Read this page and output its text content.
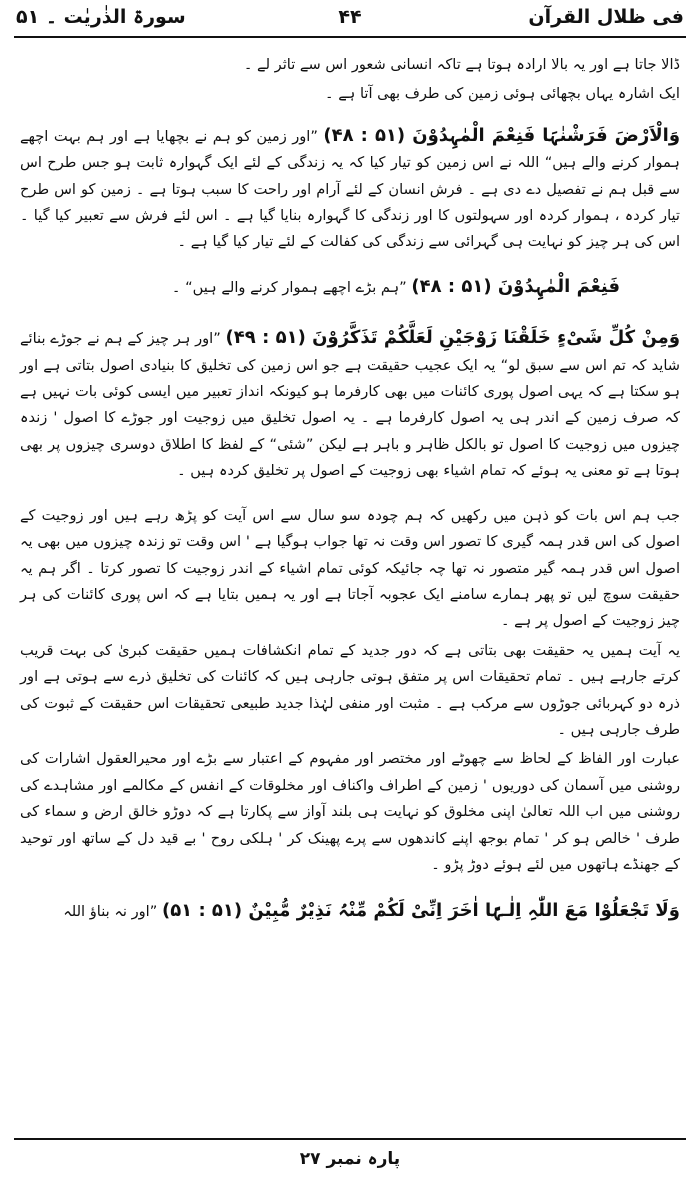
فی ظلال القرآن
۴۴
سورۃ الذٰریٰت ۔ ۵۱

ڈالا جاتا ہے اور یہ بالا ارادہ ہوتا ہے تاکہ انسانی شعور اس سے تاثر لے ۔

ایک اشارہ یہاں بچھائی ہوئی زمین کی طرف بھی آتا ہے ۔

وَالْاَرْضَ فَرَشْنٰہَا فَنِعْمَ الْمٰہِدُوْنَ (۵۱ : ۴۸) ”اور زمین کو ہم نے بچھایا ہے اور ہم بہت اچھے ہموار کرنے والے ہیں“ اللہ نے اس زمین کو تیار کیا کہ یہ زندگی کے لئے ایک گہوارہ ثابت ہو جس طرح اس سے قبل ہم نے تفصیل دے دی ہے ۔ فرش انسان کے لئے آرام اور راحت کا سبب ہوتا ہے ۔ زمین کو اس طرح تیار کردہ ، ہموار کردہ اور سہولتوں کا اور زندگی کا گہوارہ بنایا گیا ہے ۔ اس لئے فرش سے تعبیر کیا گیا ۔ اس کی ہر چیز کو نہایت ہی گہرائی سے زندگی کی کفالت کے لئے تیار کیا گیا ہے ۔
فَنِعْمَ الْمٰہِدُوْنَ (۵۱ : ۴۸) ”ہم بڑے اچھے ہموار کرنے والے ہیں“ ۔
وَمِنْ کُلِّ شَیْءٍ خَلَقْنَا زَوْجَیْنِ لَعَلَّکُمْ تَذَکَّرُوْنَ (۵۱ : ۴۹) ”اور ہر چیز کے ہم نے جوڑے بنائے شاید کہ تم اس سے سبق لو“ یہ ایک عجیب حقیقت ہے جو اس زمین کی تخلیق کا بنیادی اصول بتاتی ہے اور ہو سکتا ہے کہ یہی اصول پوری کائنات میں بھی کارفرما ہو کیونکہ انداز تعبیر میں ایسی کوئی بات نہیں ہے کہ صرف زمین کے اندر ہی یہ اصول کارفرما ہے ۔ یہ اصول تخلیق میں زوجیت اور جوڑے کا اصول ' زندہ چیزوں میں زوجیت کا اصول تو بالکل ظاہر و باہر ہے لیکن ”شئی“ کے لفظ کا اطلاق دوسری چیزوں پر بھی ہوتا ہے تو معنی یہ ہوئے کہ تمام اشیاء بھی زوجیت کے اصول پر تخلیق کردہ ہیں ۔

جب ہم اس بات کو ذہن میں رکھیں کہ ہم چودہ سو سال سے اس آیت کو پڑھ رہے ہیں اور زوجیت کے اصول کی اس قدر ہمہ گیری کا تصور اس وقت نہ تھا جواب ہوگیا ہے ' اس وقت تو زندہ چیزوں میں بھی یہ اصول اس قدر ہمہ گیر متصور نہ تھا چہ جائیکہ کوئی تمام اشیاء کے اندر زوجیت کا تصور کرتا ۔ اگر ہم یہ حقیقت سوچ لیں تو پھر ہمارے سامنے ایک عجوبہ آجاتا ہے اور یہ ہمیں بتایا ہے کہ اس پوری کائنات کی ہر چیز زوجیت کے اصول پر ہے ۔

یہ آیت ہمیں یہ حقیقت بھی بتاتی ہے کہ دور جدید کے تمام انکشافات ہمیں حقیقت کبریٰ کی بہت قریب کرتے جارہے ہیں ۔ تمام تحقیقات اس پر متفق ہوتی جارہی ہیں کہ کائنات کی تخلیق ذرے سے ہوتی ہے اور ذرہ دو کہربائی جوڑوں سے مرکب ہے ۔ مثبت اور منفی لہٰذا جدید طبیعی تحقیقات اس حقیقت کے ثبوت کی طرف جارہی ہیں ۔

عبارت اور الفاظ کے لحاظ سے چھوٹے اور مختصر اور مفہوم کے اعتبار سے بڑے اور محیرالعقول اشارات کی روشنی میں آسمان کی دوریوں ' زمین کے اطراف واکناف اور مخلوقات کے انفس کے مکالمے اور مشاہدے کی روشنی میں اب اللہ تعالیٰ اپنی مخلوق کو نہایت ہی بلند آواز سے پکارتا ہے کہ دوڑو خالق ارض و سماء کی طرف ' خالص ہو کر ' تمام بوجھ اپنے کاندھوں سے پرے پھینک کر ' ہلکی روح ' بے قید دل کے ساتھ اور توحید کے جھنڈے ہاتھوں میں لئے ہوئے دوڑ پڑو ۔

وَلَا تَجْعَلُوْا مَعَ اللّٰہِ اِلٰـہًا اٰخَرَ اِنِّیْ لَکُمْ مِّنْہُ نَذِیْرٌ مُّبِیْنٌ (۵۱ : ۵۱) ”اور نہ بناؤ اللہ
پارہ نمبر ۲۷
